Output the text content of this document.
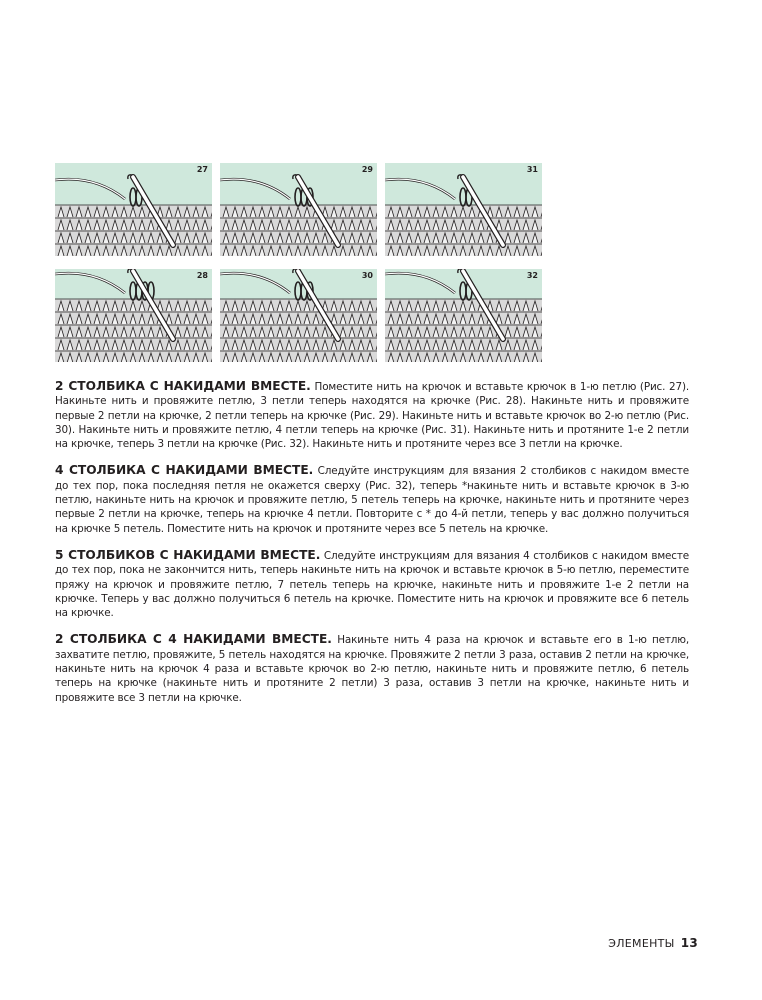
27	29	31
28	30	32

2 СТОЛБИКА С НАКИДАМИ ВМЕСТЕ. Поместите нить на крючок и вставьте крючок в 1-ю петлю (Рис. 27). Накиньте нить и провяжите петлю, 3 петли теперь находятся на крючке (Рис. 28). Накиньте нить и провяжите первые 2 петли на крючке, 2 петли теперь на крючке (Рис. 29). Накиньте нить и вставьте крючок во 2-ю петлю (Рис. 30). Накиньте нить и провяжите петлю, 4 петли теперь на крючке (Рис. 31). Накиньте нить и протяните 1-е 2 петли на крючке, теперь 3 петли на крючке (Рис. 32). Накиньте нить и протяните через все 3 петли на крючке.

4 СТОЛБИКА С НАКИДАМИ ВМЕСТЕ. Следуйте инструкциям для вязания 2 столбиков с накидом вместе до тех пор, пока последняя петля не окажется сверху (Рис. 32), теперь *накиньте нить и вставьте крючок в 3-ю петлю, накиньте нить на крючок и провяжите петлю, 5 петель теперь на крючке, накиньте нить и протяните через первые 2 петли на крючке, теперь на крючке 4 петли. Повторите с * до 4-й петли, теперь у вас должно получиться на крючке 5 петель. Поместите нить на крючок и протяните через все 5 петель на крючке.

5 СТОЛБИКОВ С НАКИДАМИ ВМЕСТЕ. Следуйте инструкциям для вязания 4 столбиков с накидом вместе до тех пор, пока не закончится нить, теперь накиньте нить на крючок и вставьте крючок в 5-ю петлю, переместите пряжу на крючок и провяжите петлю, 7 петель теперь на крючке, накиньте нить и провяжите 1-е 2 петли на крючке. Теперь у вас должно получиться 6 петель на крючке. Поместите нить на крючок и провяжите все 6 петель на крючке.

2 СТОЛБИКА С 4 НАКИДАМИ ВМЕСТЕ. Накиньте нить 4 раза на крючок и вставьте его в 1-ю петлю, захватите петлю, провяжите, 5 петель находятся на крючке. Провяжите 2 петли 3 раза, оставив 2 петли на крючке, накиньте нить на крючок 4 раза и вставьте крючок во 2-ю петлю, накиньте нить и провяжите петлю, 6 петель теперь на крючке (накиньте нить и протяните 2 петли) 3 раза, оставив 3 петли на крючке, накиньте нить и провяжите все 3 петли на крючке.

ЭЛЕМЕНТЫ 13
